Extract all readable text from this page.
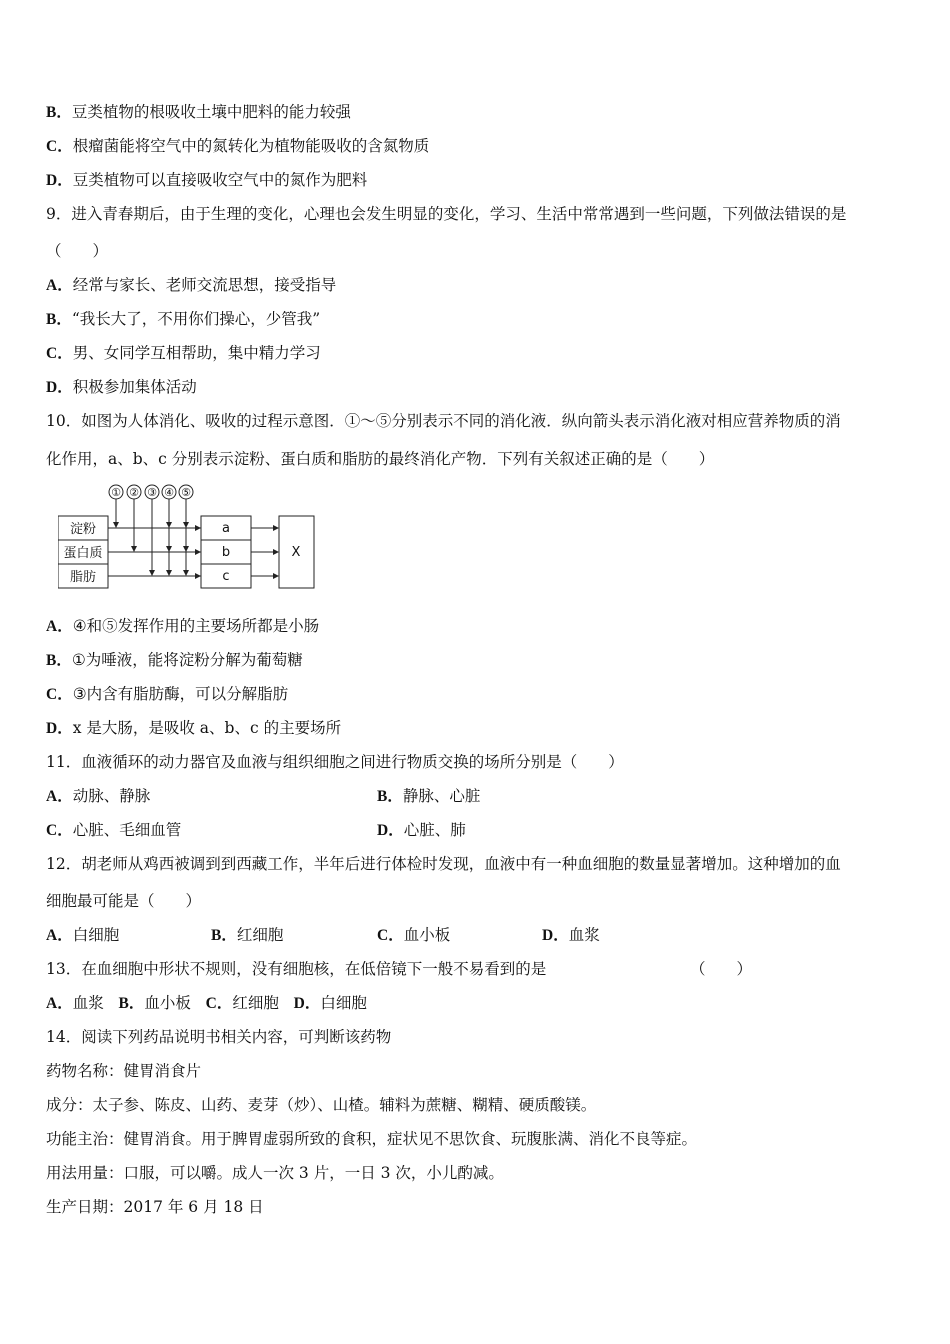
B．豆类植物的根吸收土壤中肥料的能力较强
C．根瘤菌能将空气中的氮转化为植物能吸收的含氮物质
D．豆类植物可以直接吸收空气中的氮作为肥料
9．进入青春期后，由于生理的变化，心理也会发生明显的变化，学习、生活中常常遇到一些问题，下列做法错误的是
（　　）
A．经常与家长、老师交流思想，接受指导
B．“我长大了，不用你们操心，少管我”
C．男、女同学互相帮助，集中精力学习
D．积极参加集体活动
10．如图为人体消化、吸收的过程示意图．①～⑤分别表示不同的消化液．纵向箭头表示消化液对相应营养物质的消
化作用，a、b、c 分别表示淀粉、蛋白质和脂肪的最终消化产物．下列有关叙述正确的是（　　）
① ② ③ ④ ⑤
淀粉
蛋白质
脂肪
a
b
c
X
A．④和⑤发挥作用的主要场所都是小肠
B．①为唾液，能将淀粉分解为葡萄糖
C．③内含有脂肪酶，可以分解脂肪
D．x 是大肠，是吸收 a、b、c 的主要场所
11．血液循环的动力器官及血液与组织细胞之间进行物质交换的场所分别是（　　）
A．动脉、静脉	B．静脉、心脏
C．心脏、毛细血管	D．心脏、肺
12．胡老师从鸡西被调到到西藏工作，半年后进行体检时发现，血液中有一种血细胞的数量显著增加。这种增加的血
细胞最可能是（　　）
A．白细胞	B．红细胞	C．血小板	D．血浆
13．在血细胞中形状不规则，没有细胞核，在低倍镜下一般不易看到的是	（　　）
A．血浆 B．血小板 C．红细胞 D．白细胞
14．阅读下列药品说明书相关内容，可判断该药物
药物名称：健胃消食片
成分：太子参、陈皮、山药、麦芽（炒）、山楂。辅料为蔗糖、糊精、硬质酸镁。
功能主治：健胃消食。用于脾胃虚弱所致的食积，症状见不思饮食、玩腹胀满、消化不良等症。
用法用量：口服，可以嚼。成人一次 3 片，一日 3 次，小儿酌减。
生产日期：2017 年 6 月 18 日
